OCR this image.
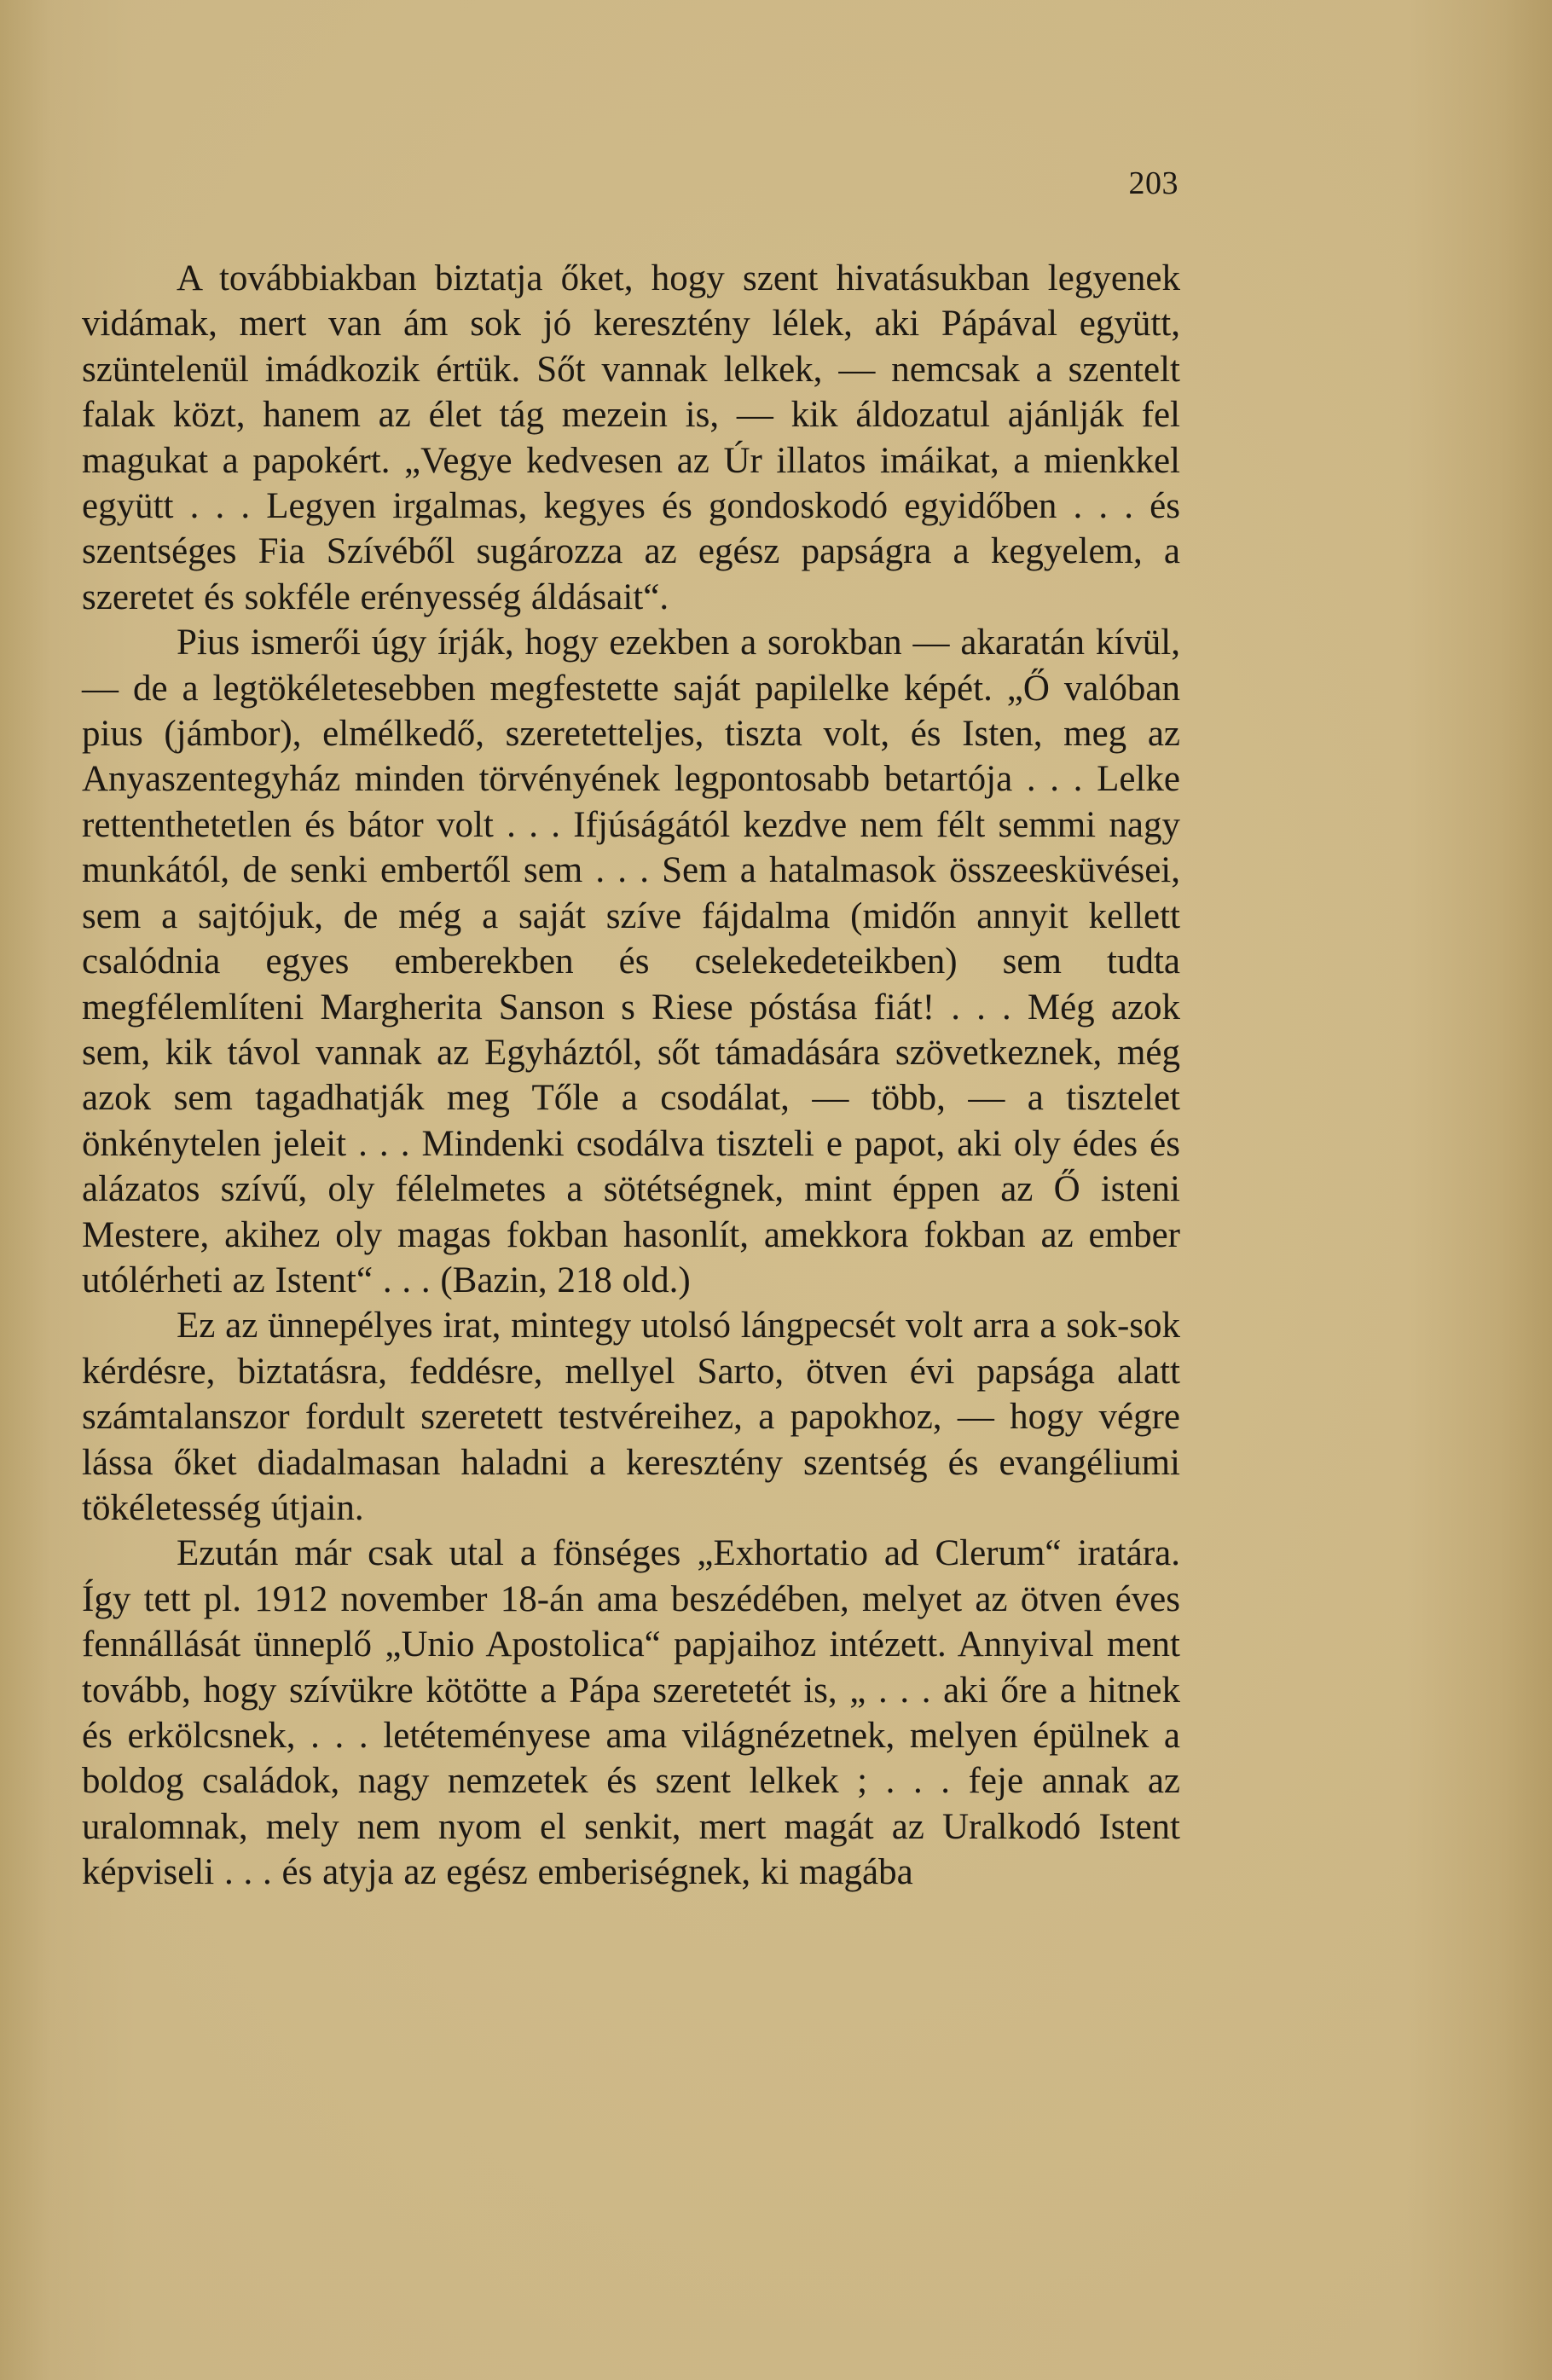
203

A továbbiakban biztatja őket, hogy szent hivatásukban legyenek vidámak, mert van ám sok jó keresztény lélek, aki Pápával együtt, szüntelenül imádkozik értük. Sőt vannak lelkek, — nemcsak a szentelt falak közt, hanem az élet tág mezein is, — kik áldozatul ajánlják fel magukat a papokért. „Vegye kedvesen az Úr illatos imáikat, a mienkkel együtt . . . Legyen irgalmas, kegyes és gondoskodó egyidőben . . . és szentséges Fia Szívéből sugározza az egész papságra a kegyelem, a szeretet és sokféle erényesség áldásait“.

Pius ismerői úgy írják, hogy ezekben a sorokban — akaratán kívül, — de a legtökéletesebben megfestette saját papilelke képét. „Ő valóban pius (jámbor), elmélkedő, szeretetteljes, tiszta volt, és Isten, meg az Anyaszentegyház minden törvényének legpontosabb betartója . . . Lelke rettenthetetlen és bátor volt . . . Ifjúságától kezdve nem félt semmi nagy munkától, de senki embertől sem . . . Sem a hatalmasok összeesküvései, sem a sajtójuk, de még a saját szíve fájdalma (midőn annyit kellett csalódnia egyes emberekben és cselekedeteikben) sem tudta megfélemlíteni Margherita Sanson s Riese póstása fiát! . . . Még azok sem, kik távol vannak az Egyháztól, sőt támadására szövetkeznek, még azok sem tagadhatják meg Tőle a csodálat, — több, — a tisztelet önkénytelen jeleit . . . Mindenki csodálva tiszteli e papot, aki oly édes és alázatos szívű, oly félelmetes a sötétségnek, mint éppen az Ő isteni Mestere, akihez oly magas fokban hasonlít, amekkora fokban az ember utólérheti az Istent“ . . . (Bazin, 218 old.)

Ez az ünnepélyes irat, mintegy utolsó lángpecsét volt arra a sok-sok kérdésre, biztatásra, feddésre, mellyel Sarto, ötven évi papsága alatt számtalanszor fordult szeretett testvéreihez, a papokhoz, — hogy végre lássa őket diadalmasan haladni a keresztény szentség és evangéliumi tökéletesség útjain.

Ezután már csak utal a fönséges „Exhortatio ad Clerum“ iratára. Így tett pl. 1912 november 18-án ama beszédében, melyet az ötven éves fennállását ünneplő „Unio Apostolica“ papjaihoz intézett. Annyival ment tovább, hogy szívükre kötötte a Pápa szeretetét is, „ . . . aki őre a hitnek és erkölcsnek, . . . letéteményese ama világnézetnek, melyen épülnek a boldog családok, nagy nemzetek és szent lelkek ; . . . feje annak az uralomnak, mely nem nyom el senkit, mert magát az Uralkodó Istent képviseli . . . és atyja az egész emberiségnek, ki magába
